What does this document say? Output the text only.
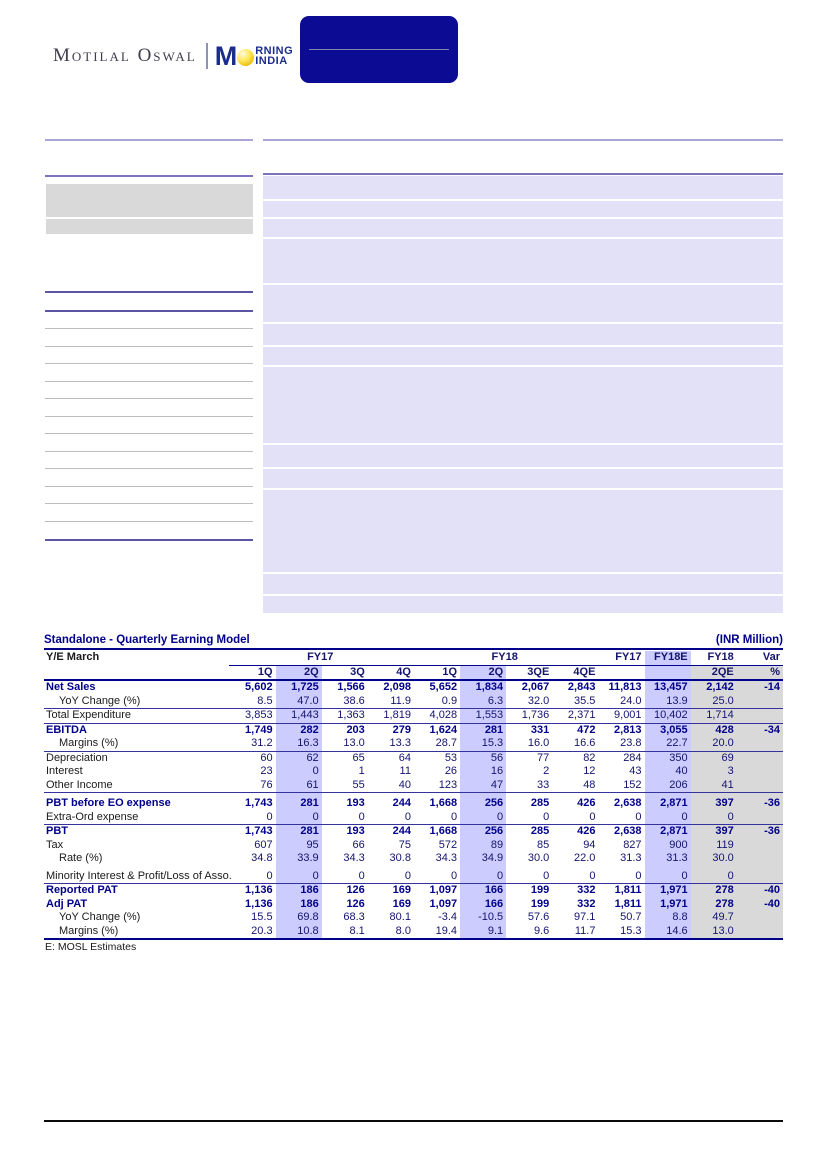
Motilal Oswal M RNING
INDIA
Standalone - Quarterly Earning Model	(INR Million)
Y/E March	FY17				FY18				FY17	FY18E	FY18	Var
	1Q	2Q	3Q	4Q	1Q	2Q	3QE	4QE			2QE	%
Net Sales	5,602	1,725	1,566	2,098	5,652	1,834	2,067	2,843	11,813	13,457	2,142	-14
YoY Change (%)	8.5	47.0	38.6	11.9	0.9	6.3	32.0	35.5	24.0	13.9	25.0	
Total Expenditure	3,853	1,443	1,363	1,819	4,028	1,553	1,736	2,371	9,001	10,402	1,714	
EBITDA	1,749	282	203	279	1,624	281	331	472	2,813	3,055	428	-34
Margins (%)	31.2	16.3	13.0	13.3	28.7	15.3	16.0	16.6	23.8	22.7	20.0	
Depreciation	60	62	65	64	53	56	77	82	284	350	69	
Interest	23	0	1	11	26	16	2	12	43	40	3	
Other Income	76	61	55	40	123	47	33	48	152	206	41	
PBT before EO expense	1,743	281	193	244	1,668	256	285	426	2,638	2,871	397	-36
Extra-Ord expense	0	0	0	0	0	0	0	0	0	0	0	
PBT	1,743	281	193	244	1,668	256	285	426	2,638	2,871	397	-36
Tax	607	95	66	75	572	89	85	94	827	900	119	
Rate (%)	34.8	33.9	34.3	30.8	34.3	34.9	30.0	22.0	31.3	31.3	30.0	
Minority Interest & Profit/Loss of Asso.	0	0	0	0	0	0	0	0	0	0	0	
Reported PAT	1,136	186	126	169	1,097	166	199	332	1,811	1,971	278	-40
Adj PAT	1,136	186	126	169	1,097	166	199	332	1,811	1,971	278	-40
YoY Change (%)	15.5	69.8	68.3	80.1	-3.4	-10.5	57.6	97.1	50.7	8.8	49.7	
Margins (%)	20.3	10.8	8.1	8.0	19.4	9.1	9.6	11.7	15.3	14.6	13.0	
E: MOSL Estimates
